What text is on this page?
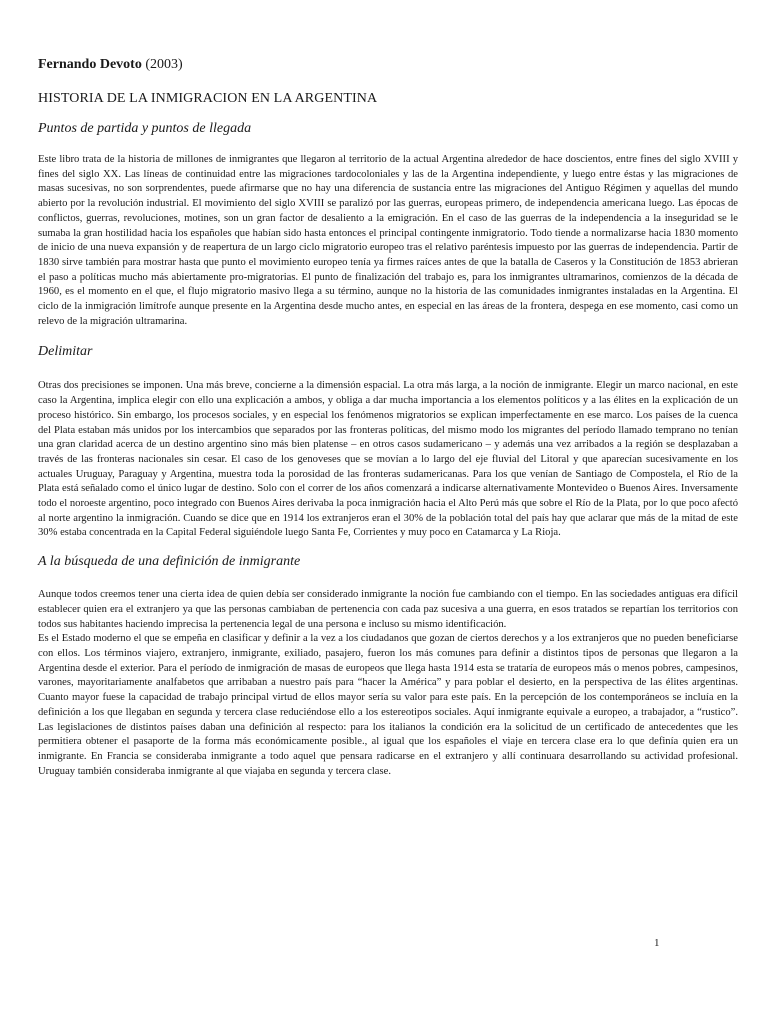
Fernando Devoto (2003)

HISTORIA DE LA INMIGRACION EN LA ARGENTINA

Puntos de partida y puntos de llegada

Este libro trata de la historia de millones de inmigrantes que llegaron al territorio de la actual Argentina alrededor de hace doscientos, entre fines del siglo XVIII y fines del siglo XX. Las líneas de continuidad entre las migraciones tardocoloniales y las de la Argentina independiente, y luego entre éstas y las migraciones de masas sucesivas, no son sorprendentes, puede afirmarse que no hay una diferencia de sustancia entre las migraciones del Antiguo Régimen y aquellas del mundo abierto por la revolución industrial. El movimiento del siglo XVIII se paralizó por las guerras, europeas primero, de independencia americana luego. Las épocas de conflictos, guerras, revoluciones, motines, son un gran factor de desaliento a la emigración. En el caso de las guerras de la independencia a la inseguridad se le sumaba la gran hostilidad hacia los españoles que habían sido hasta entonces el principal contingente inmigratorio. Todo tiende a normalizarse hacia 1830 momento de inicio de una nueva expansión y de reapertura de un largo ciclo migratorio europeo tras el relativo paréntesis impuesto por las guerras de independencia. Partir de 1830 sirve también para mostrar hasta que punto el movimiento europeo tenía ya firmes raíces antes de que la batalla de Caseros y la Constitución de 1853 abrieran el paso a políticas mucho más abiertamente pro-migratorias. El punto de finalización del trabajo es, para los inmigrantes ultramarinos, comienzos de la década de 1960, es el momento en el que, el flujo migratorio masivo llega a su término, aunque no la historia de las comunidades inmigrantes instaladas en la Argentina. El ciclo de la inmigración limítrofe aunque presente en la Argentina desde mucho antes, en especial en las áreas de la frontera, despega en ese momento, casi como un relevo de la migración ultramarina.

Delimitar

Otras dos precisiones se imponen. Una más breve, concierne a la dimensión espacial. La otra más larga, a la noción de inmigrante. Elegir un marco nacional, en este caso la Argentina, implica elegir con ello una explicación a ambos, y obliga a dar mucha importancia a los elementos políticos y a las élites en la explicación de un proceso histórico. Sin embargo, los procesos sociales, y en especial los fenómenos migratorios se explican imperfectamente en ese marco. Los países de la cuenca del Plata estaban más unidos por los intercambios que separados por las fronteras políticas, del mismo modo los migrantes del período llamado temprano no tenían una gran claridad acerca de un destino argentino sino más bien platense – en otros casos sudamericano – y además una vez arribados a la región se desplazaban a través de las fronteras nacionales sin cesar. El caso de los genoveses que se movían a lo largo del eje fluvial del Litoral y que aparecían sucesivamente en los actuales Uruguay, Paraguay y Argentina, muestra toda la porosidad de las fronteras sudamericanas. Para los que venían de Santiago de Compostela, el Río de la Plata está señalado como el único lugar de destino. Solo con el correr de los años comenzará a indicarse alternativamente Montevideo o Buenos Aires. Inversamente todo el noroeste argentino, poco integrado con Buenos Aires derivaba la poca inmigración hacia el Alto Perú más que sobre el Río de la Plata, por lo que poco afectó al norte argentino la inmigración. Cuando se dice que en 1914 los extranjeros eran el 30% de la población total del país hay que aclarar que más de la mitad de este 30% estaba concentrada en la Capital Federal siguiéndole luego Santa Fe, Corrientes y muy poco en Catamarca y La Rioja.

A la búsqueda de una definición de inmigrante

Aunque todos creemos tener una cierta idea de quien debía ser considerado inmigrante la noción fue cambiando con el tiempo. En las sociedades antiguas era difícil establecer quien era el extranjero ya que las personas cambiaban de pertenencia con cada paz sucesiva a una guerra, en esos tratados se repartían los territorios con todos sus habitantes haciendo imprecisa la pertenencia legal de una persona e incluso su mismo identificación.

Es el Estado moderno el que se empeña en clasificar y definir a la vez a los ciudadanos que gozan de ciertos derechos y a los extranjeros que no pueden beneficiarse con ellos. Los términos viajero, extranjero, inmigrante, exiliado, pasajero, fueron los más comunes para definir a distintos tipos de personas que llegaron a la Argentina desde el exterior. Para el período de inmigración de masas de europeos que llega hasta 1914 esta se trataría de europeos más o menos pobres, campesinos, varones, mayoritariamente analfabetos que arribaban a nuestro país para “hacer la América” y para poblar el desierto, en la perspectiva de las élites argentinas. Cuanto mayor fuese la capacidad de trabajo principal virtud de ellos mayor sería su valor para este país. En la percepción de los contemporáneos se incluía en la definición a los que llegaban en segunda y tercera clase reduciéndose ello a los estereotipos sociales. Aquí inmigrante equivale a europeo, a trabajador, a “rustico”. Las legislaciones de distintos países daban una definición al respecto: para los italianos la condición era la solicitud de un certificado de antecedentes que les permitiera obtener el pasaporte de la forma más económicamente posible., al igual que los españoles el viaje en tercera clase era lo que definía quien era un inmigrante. En Francia se consideraba inmigrante a todo aquel que pensara radicarse en el extranjero y allí continuara desarrollando su actividad profesional. Uruguay también consideraba inmigrante al que viajaba en segunda y tercera clase.

1
